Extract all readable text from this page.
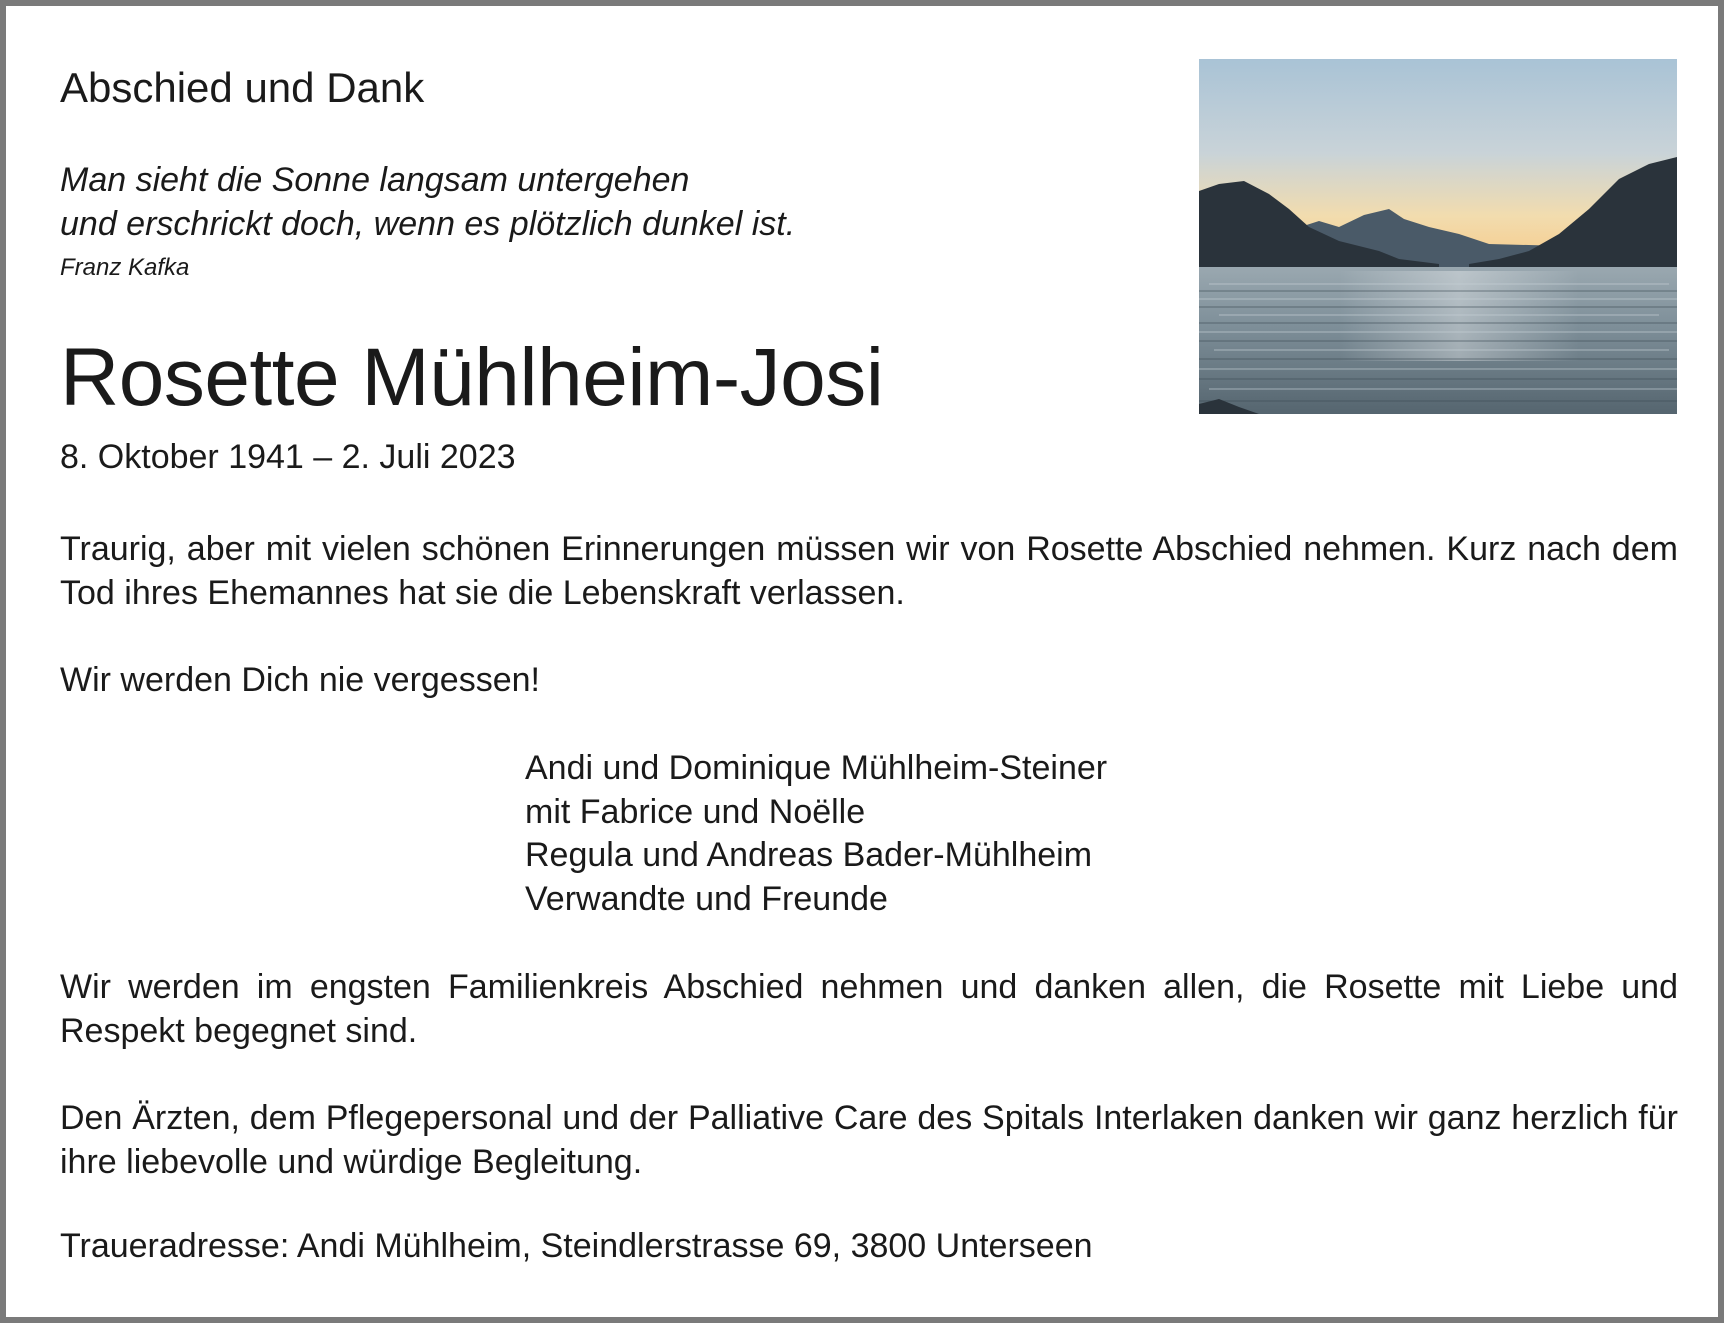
Abschied und Dank
Man sieht die Sonne langsam untergehen
und erschrickt doch, wenn es plötzlich dunkel ist.
Franz Kafka
Rosette Mühlheim-Josi
8. Oktober 1941 – 2. Juli 2023

Traurig, aber mit vielen schönen Erinnerungen müssen wir von Rosette Abschied nehmen. Kurz nach dem Tod ihres Ehemannes hat sie die Lebenskraft verlassen.

Wir werden Dich nie vergessen!

Andi und Dominique Mühlheim-Steiner
mit Fabrice und Noëlle
Regula und Andreas Bader-Mühlheim
Verwandte und Freunde

Wir werden im engsten Familienkreis Abschied nehmen und danken allen, die Rosette mit Liebe und Respekt begegnet sind.

Den Ärzten, dem Pflegepersonal und der Palliative Care des Spitals Interlaken danken wir ganz herzlich für ihre liebevolle und würdige Begleitung.

Traueradresse: Andi Mühlheim, Steindlerstrasse 69, 3800 Unterseen
